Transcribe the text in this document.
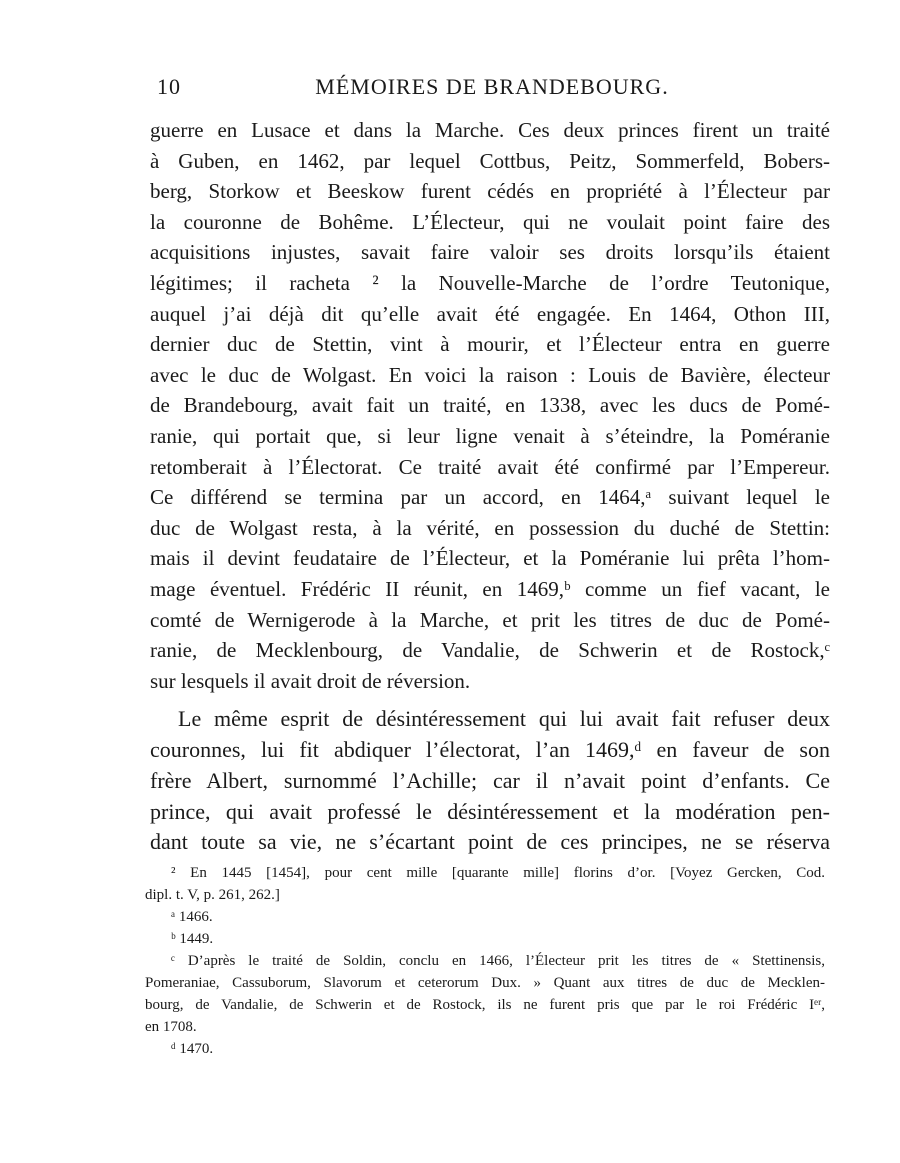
10	MÉMOIRES DE BRANDEBOURG.
guerre en Lusace et dans la Marche. Ces deux princes firent un traité
à Guben, en 1462, par lequel Cottbus, Peitz, Sommerfeld, Bobers-
berg, Storkow et Beeskow furent cédés en propriété à l’Électeur par
la couronne de Bohême. L’Électeur, qui ne voulait point faire des
acquisitions injustes, savait faire valoir ses droits lorsqu’ils étaient
légitimes; il racheta ² la Nouvelle-Marche de l’ordre Teutonique,
auquel j’ai déjà dit qu’elle avait été engagée. En 1464, Othon III,
dernier duc de Stettin, vint à mourir, et l’Électeur entra en guerre
avec le duc de Wolgast. En voici la raison : Louis de Bavière, électeur
de Brandebourg, avait fait un traité, en 1338, avec les ducs de Pomé-
ranie, qui portait que, si leur ligne venait à s’éteindre, la Poméranie
retomberait à l’Électorat. Ce traité avait été confirmé par l’Empereur.
Ce différend se termina par un accord, en 1464,ᵃ suivant lequel le
duc de Wolgast resta, à la vérité, en possession du duché de Stettin:
mais il devint feudataire de l’Électeur, et la Poméranie lui prêta l’hom-
mage éventuel. Frédéric II réunit, en 1469,ᵇ comme un fief vacant, le
comté de Wernigerode à la Marche, et prit les titres de duc de Pomé-
ranie, de Mecklenbourg, de Vandalie, de Schwerin et de Rostock,ᶜ
sur lesquels il avait droit de réversion.
Le même esprit de désintéressement qui lui avait fait refuser deux
couronnes, lui fit abdiquer l’électorat, l’an 1469,ᵈ en faveur de son
frère Albert, surnommé l’Achille; car il n’avait point d’enfants. Ce
prince, qui avait professé le désintéressement et la modération pen-
dant toute sa vie, ne s’écartant point de ces principes, ne se réserva
² En 1445 [1454], pour cent mille [quarante mille] florins d’or. [Voyez Gercken, Cod.
dipl. t. V, p. 261, 262.]
ᵃ 1466.
ᵇ 1449.
ᶜ D’après le traité de Soldin, conclu en 1466, l’Électeur prit les titres de « Stettinensis,
Pomeraniae, Cassuborum, Slavorum et ceterorum Dux. » Quant aux titres de duc de Mecklen-
bourg, de Vandalie, de Schwerin et de Rostock, ils ne furent pris que par le roi Frédéric Iᵉʳ,
en 1708.
ᵈ 1470.
